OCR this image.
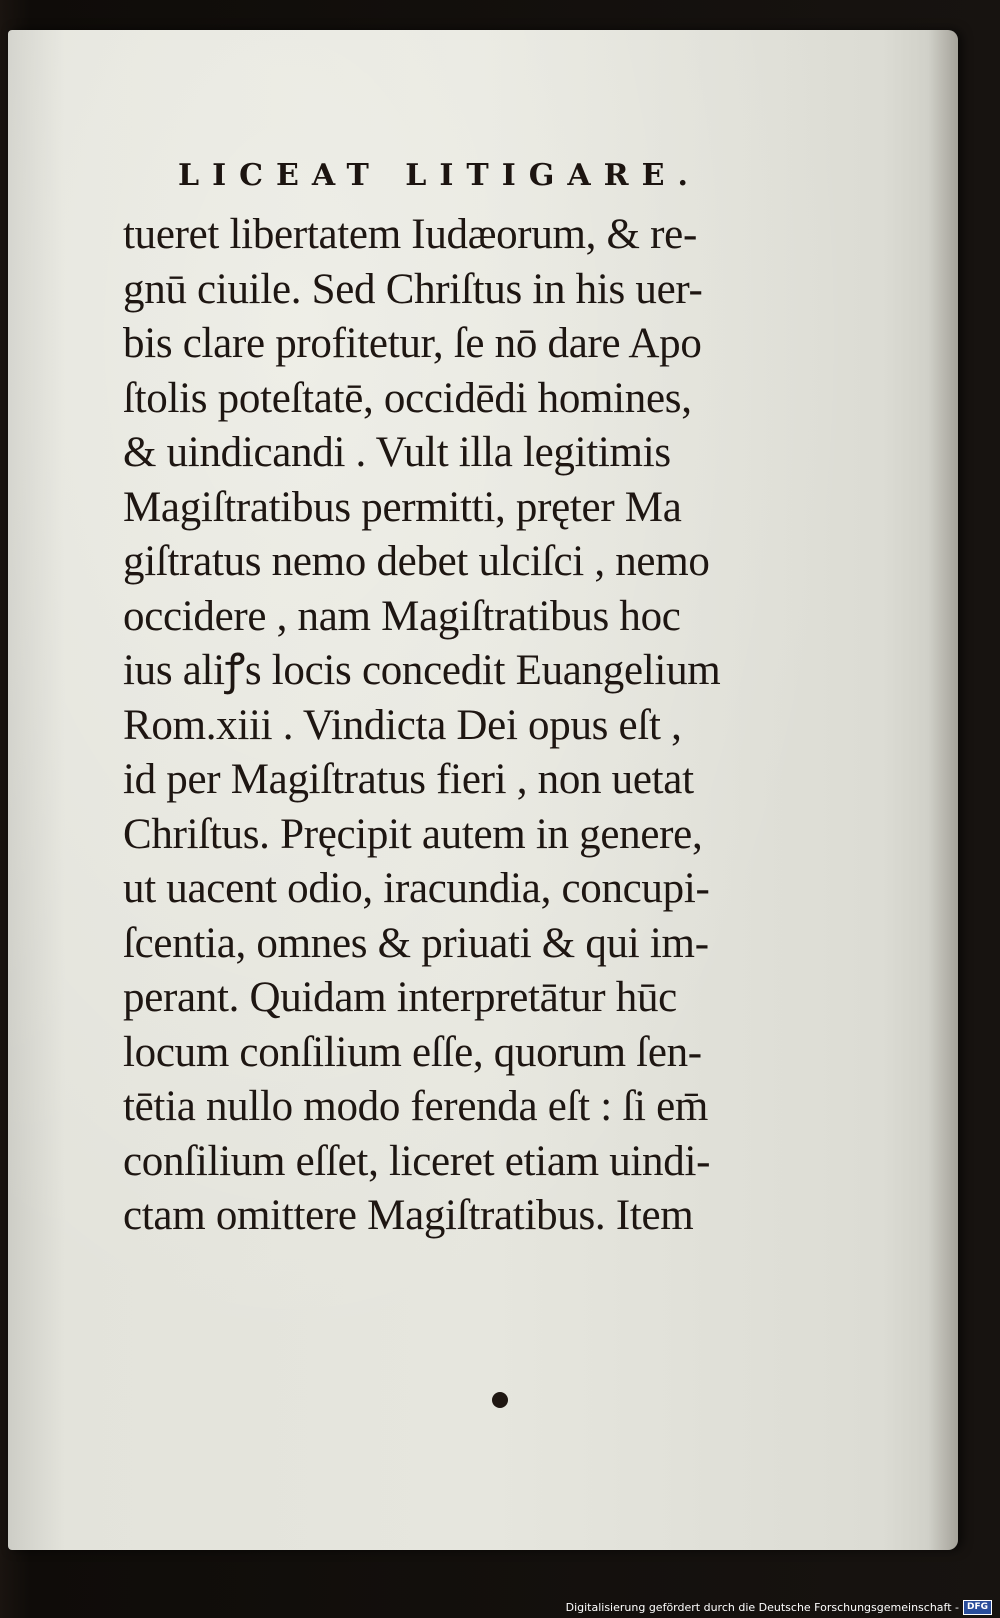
LICEAT LITIGARE.
tueret libertatem Iudæorum, & re-
gnū ciuile. Sed Chriſtus in his uer-
bis clare profitetur, ſe nō dare Apo
ſtolis poteſtatē, occidēdi homines,
& uindicandi . Vult illa legitimis
Magiſtratibus permitti, pręter Ma
giſtratus nemo debet ulciſci , nemo
occidere , nam Magiſtratibus hoc
ius aliꝭs locis concedit Euangelium
Rom.xiii . Vindicta Dei opus eſt ,
id per Magiſtratus fieri , non uetat
Chriſtus. Pręcipit autem in genere,
ut uacent odio, iracundia, concupi-
ſcentia, omnes & priuati & qui im-
perant. Quidam interpretātur hūc
locum conſilium eſſe, quorum ſen-
tētia nullo modo ferenda eſt : ſi em̄
conſilium eſſet, liceret etiam uindi-
ctam omittere Magiſtratibus. Item
Digitalisierung gefördert durch die Deutsche Forschungsgemeinschaft - DFG
